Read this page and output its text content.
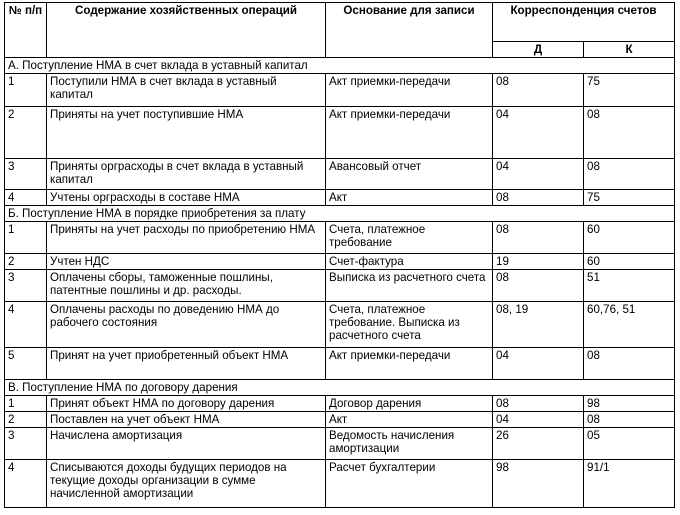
№ п/п	Содержание хозяйственных операций	Основание для записи	Корреспонденция счетов	
			Д	К
А. Поступление НМА в счет вклада в уставный капитал				
1	Поступили НМА в счет вклада в уставный капитал	Акт приемки-передачи	08	75
2	Приняты на учет поступившие НМА	Акт приемки-передачи	04	08
3	Приняты оргрaсходы в счет вклада в уставный капитал	Авансовый отчет	04	08
4	Учтены оргрaсходы в составе НМА	Акт	08	75
Б. Поступление НМА в порядке приобретения за плату				
1	Приняты на учет расходы по приобретению НМА	Счета, платежное требование	08	60
2	Учтен НДС	Счет-фактура	19	60
3	Оплачены сборы, таможенные пошлины, патентные пошлины и др. расходы.	Выписка из расчетного счета	08	51
4	Оплачены расходы по доведению НМА до рабочего состояния	Счета, платежное требование. Выписка из расчетного счета	08, 19	60,76, 51
5	Принят на учет приобретенный объект НМА	Акт приемки-передачи	04	08
В. Поступление НМА по договору дарения				
1	Принят объект НМА по договору дарения	Договор дарения	08	98
2	Поставлен на учет объект НМА	Акт	04	08
3	Начислена амортизация	Ведомость начисления амортизации	26	05
4	Списываются доходы будущих периодов на текущие доходы организации в сумме начисленной амортизации	Расчет бухгалтерии	98	91/1
